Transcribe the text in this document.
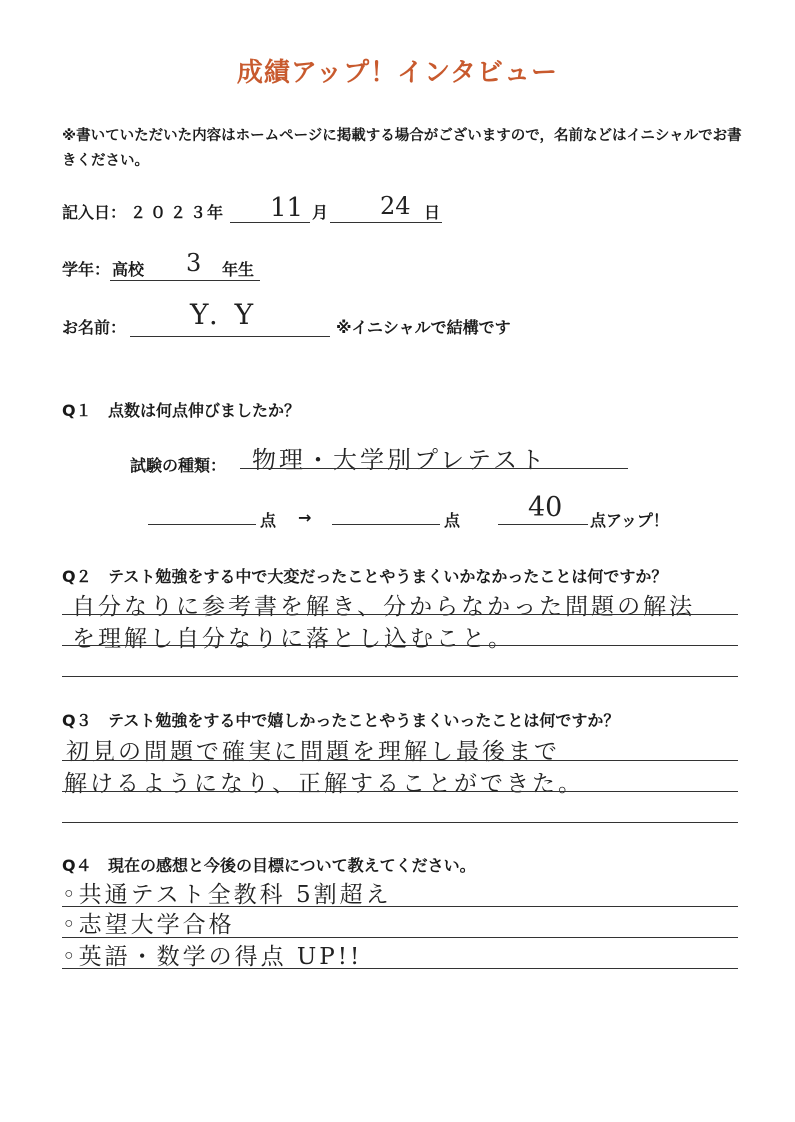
成績アップ！インタビュー
※書いていただいた内容はホームページに掲載する場合がございますので，名前などはイニシャルでお書きください。
記入日： ２０２３
年 11 月 24 日
学年： 高校 3 年生
お名前： Y. Y	※イニシャルで結構です
Q１ 点数は何点伸びましたか？
試験の種類： 物理・大学別プレテスト
点 →	点	40 点アップ！
Q２ テスト勉強をする中で大変だったことやうまくいかなかったことは何ですか？
自分なりに参考書を解き、分からなかった問題の解法
を理解し自分なりに落とし込むこと。
Q３ テスト勉強をする中で嬉しかったことやうまくいったことは何ですか？
初見の問題で確実に問題を理解し最後まで
解けるようになり、正解することができた。
Q４ 現在の感想と今後の目標について教えてください。
◦共通テスト全教科 5割超え
◦志望大学合格
◦英語・数学の得点 UP!!
